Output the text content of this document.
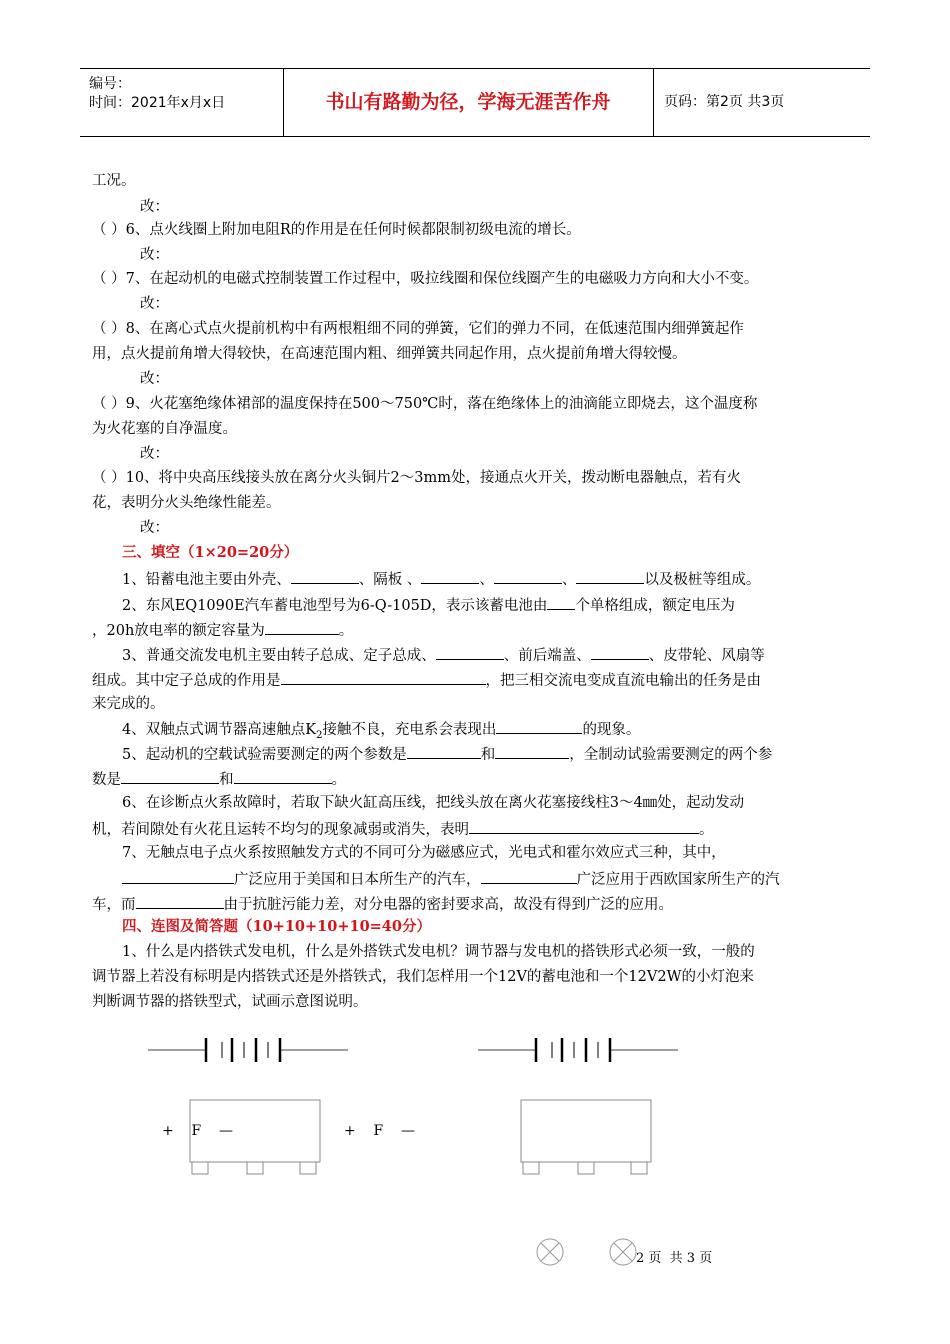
编号：
时间：2021年x月x日	书山有路勤为径，学海无涯苦作舟	页码：第2页 共3页
工况。
改：
（ ）6、点火线圈上附加电阻R的作用是在任何时候都限制初级电流的增长。
改：
（ ）7、在起动机的电磁式控制装置工作过程中，吸拉线圈和保位线圈产生的电磁吸力方向和大小不变。
改：
（ ）8、在离心式点火提前机构中有两根粗细不同的弹簧，它们的弹力不同，在低速范围内细弹簧起作
用，点火提前角增大得较快，在高速范围内粗、细弹簧共同起作用，点火提前角增大得较慢。
改：
（ ）9、火花塞绝缘体裙部的温度保持在500～750℃时，落在绝缘体上的油滴能立即烧去，这个温度称
为火花塞的自净温度。
改：
（ ）10、将中央高压线接头放在离分火头铜片2～3mm处，接通点火开关，拨动断电器触点，若有火
花，表明分火头绝缘性能差。
改：
三、填空（1×20=20分）
1、铅蓄电池主要由外壳、	、隔板 、	、	、	以及极桩等组成。
2、东风EQ1090E汽车蓄电池型号为6-Q-105D，表示该蓄电池由 个单格组成，额定电压为
，20h放电率的额定容量为	。
3、普通交流发电机主要由转子总成、定子总成、	、前后端盖、	、皮带轮、风扇等
组成。其中定子总成的作用是	，把三相交流电变成直流电输出的任务是由
来完成的。
4、双触点式调节器高速触点$K_2$接触不良，充电系会表现出	的现象。
5、起动机的空载试验需要测定的两个参数是	和	，全制动试验需要测定的两个参
数是	和	。
6、在诊断点火系故障时，若取下缺火缸高压线，把线头放在离火花塞接线柱3～4㎜处，起动发动
机，若间隙处有火花且运转不均匀的现象减弱或消失，表明	。
7、无触点电子点火系按照触发方式的不同可分为磁感应式，光电式和霍尔效应式三种，其中，
广泛应用于美国和日本所生产的汽车，	广泛应用于西欧国家所生产的汽
车，而	由于抗脏污能力差，对分电器的密封要求高，故没有得到广泛的应用。
四、连图及简答题（10+10+10+10=40分）
1、什么是内搭铁式发电机，什么是外搭铁式发电机？调节器与发电机的搭铁形式必须一致，一般的
调节器上若没有标明是内搭铁式还是外搭铁式，我们怎样用一个12V的蓄电池和一个12V2W的小灯泡来
判断调节器的搭铁型式，试画示意图说明。
+    F    —	+    F    —
2 页  共 3 页
